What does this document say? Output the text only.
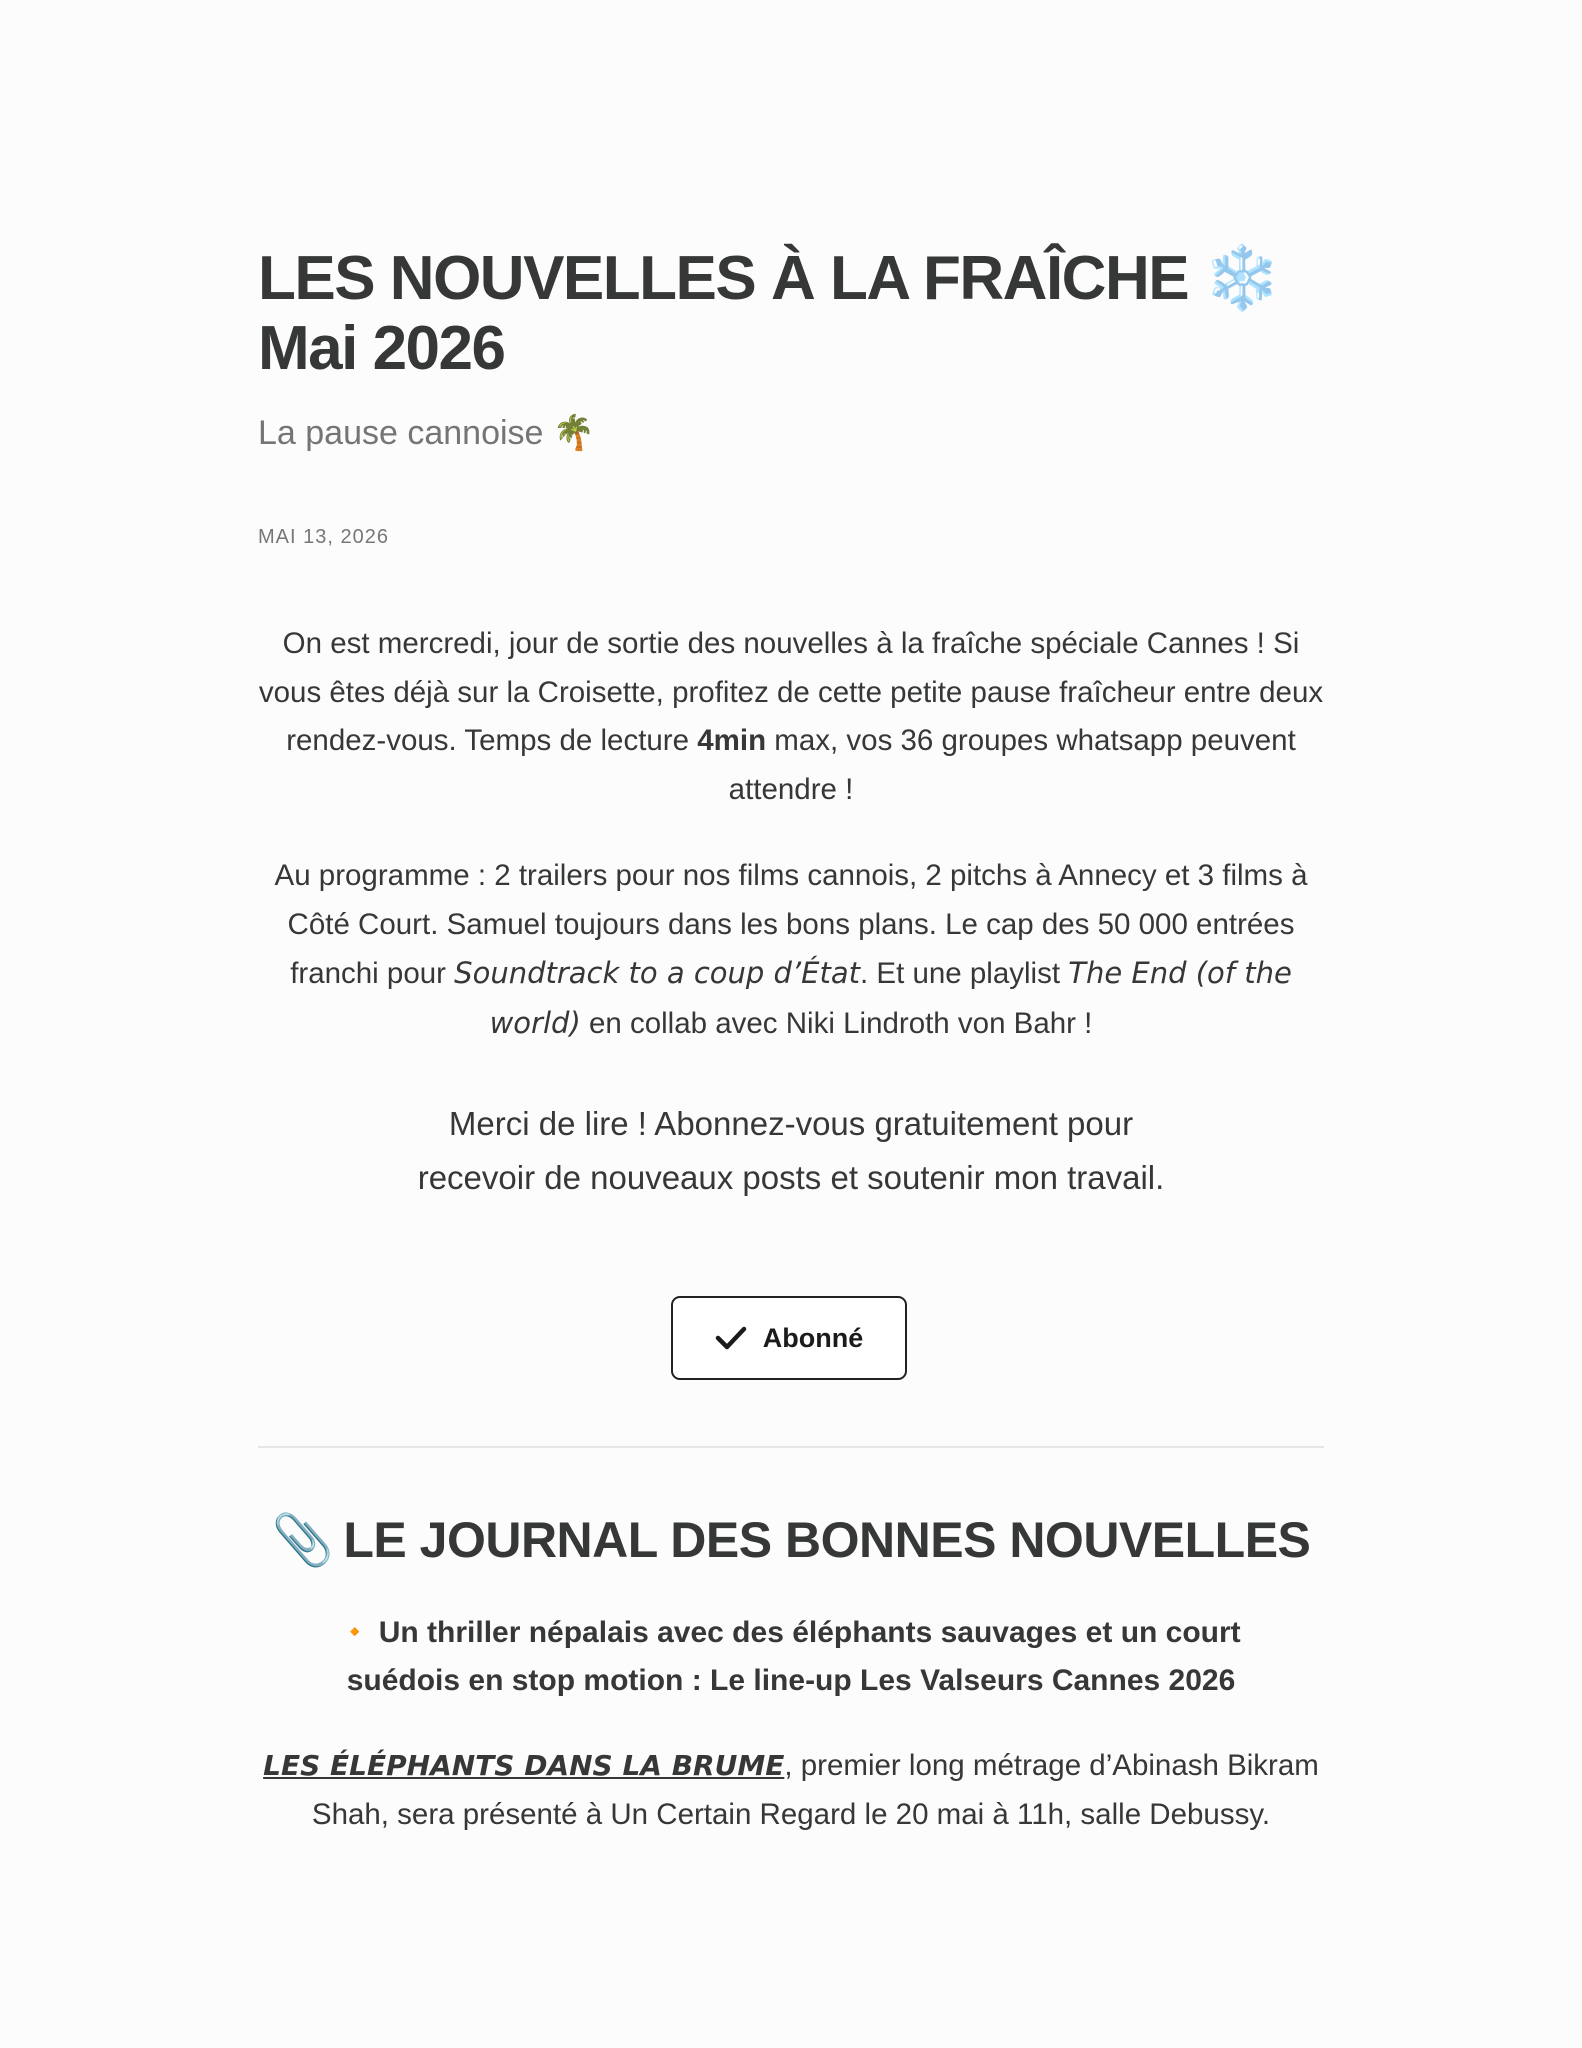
LES NOUVELLES À LA FRAÎCHE ❄️
Mai 2026
La pause cannoise 🌴
MAI 13, 2026

On est mercredi, jour de sortie des nouvelles à la fraîche spéciale Cannes ! Si vous êtes déjà sur la Croisette, profitez de cette petite pause fraîcheur entre deux rendez-vous. Temps de lecture 4min max, vos 36 groupes whatsapp peuvent attendre !

Au programme : 2 trailers pour nos films cannois, 2 pitchs à Annecy et 3 films à Côté Court. Samuel toujours dans les bons plans. Le cap des 50 000 entrées franchi pour Soundtrack to a coup d’État. Et une playlist The End (of the world) en collab avec Niki Lindroth von Bahr !

Merci de lire ! Abonnez-vous gratuitement pour recevoir de nouveaux posts et soutenir mon travail.

Abonné
📎 LE JOURNAL DES BONNES NOUVELLES
🔸 Un thriller népalais avec des éléphants sauvages et un court suédois en stop motion : Le line-up Les Valseurs Cannes 2026

LES ÉLÉPHANTS DANS LA BRUME, premier long métrage d’Abinash Bikram Shah, sera présenté à Un Certain Regard le 20 mai à 11h, salle Debussy.
